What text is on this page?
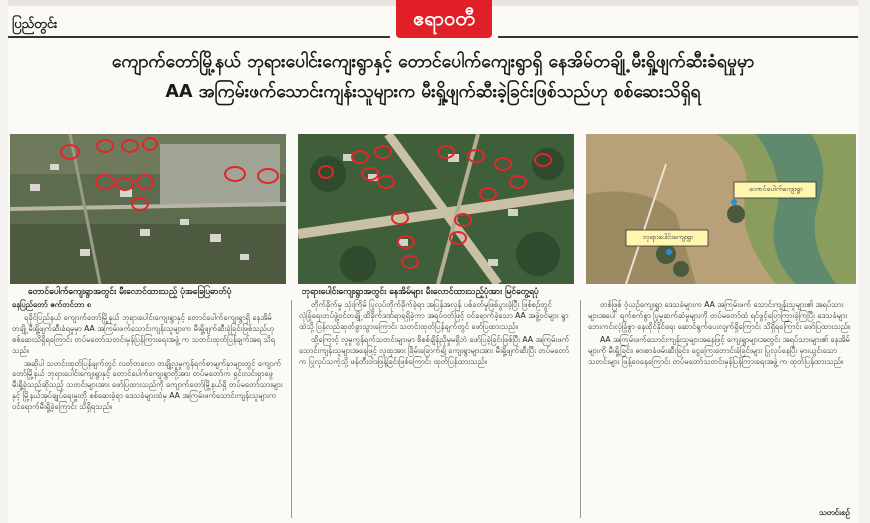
ပြည်တွင်း	ဧရာဝတီ
ကျောက်တော်မြို့နယ် ဘုရားပေါင်းကျေးရွာနှင့် တောင်ပေါက်ကျေးရွာရှိ နေအိမ်တချို့ မီးရှို့ဖျက်ဆီးခံရမှုမှာ
AA အကြမ်းဖက်သောင်းကျန်းသူများက မီးရှို့ဖျက်ဆီးခဲ့ခြင်းဖြစ်သည်ဟု စစ်ဆေးသိရှိရ
တောင်ပေါက်ကျေးရွာအတွင်း မီးလောင်ထားသည့် ပုံအခြေပြဓာတ်ပုံ	ဘုရားပေါင်းကျေးရွာအတွင်း နေအိမ်များ မီးလောင်ထားသည့်ပုံအား မြင်တွေ့ရပုံ
တောင်ပေါက်ကျေးရွာ
ဘုရားပေါင်းကျေးရွာ

နေပြည်တော် ဇက်တင်ဘာ ၈

ရခိုင်ပြည်နယ် ကျောက်တော်မြို့နယ် ဘုရားပေါင်းကျေးရွာနှင့် တောင်ပေါက်ကျေးရွာရှိ နေအိမ်တချို့ မီးရှို့ဖျက်ဆီးခံရမှုမှာ AA အကြမ်းဖက်သောင်းကျန်းသူများက မီးရှို့ဖျက်ဆီးခဲ့ခြင်းဖြစ်သည်ဟု စစ်ဆေးသိရှိရကြောင်း တပ်မတော်သတင်းမှန်ပြန်ကြားရေးအဖွဲ့ က သတင်းထုတ်ပြန်ချက်အရ သိရသည်။

အဆိုပါ သတင်းထုတ်ပြန်ချက်တွင် လတ်တလော တချို့လူမှုကွန်ရက်စာမျက်နှာများတွင် ကျောက်တော်မြို့နယ် ဘုရားပေါင်းကျေးရွာနှင့် တောင်ပေါက်ကျေးရွာတို့အား တပ်မတော်က ရှင်းလင်းရှာဖွေ မီးရှို့ခဲ့သည်ဆိုသည့် သတင်းများအား ဖော်ပြထားသည်ကို ကျောက်တော်မြို့နယ်ရှိ တပ်မတော်သားများနှင့် မြို့နယ်အုပ်ချုပ်ရေးမှူးတို့ စစ်ဆေးခဲ့ရာ ဒေသခံများထံမှ AA အကြမ်းဖက်သောင်းကျန်းသူများက ဝင်ရောက်မီးရှို့ခဲ့ကြောင်း သိရှိရသည်။

တိုက်ခိုက်မှု သုံးကြိမ် ပြုလုပ်တိုက်ခိုက်ခဲ့ရာ အပြန်အလှန် ပစ်ခတ်မှုဖြစ်ပွားခဲ့ပြီး ဖြစ်စဉ်တွင် လုံခြုံရေးတပ်ဖွဲ့ဝင်တချို့ ထိခိုက်ဒဏ်ရာရရှိခဲ့ကာ အရပ်ဝတ်ဖြင့် ဝင်ရောက်ခဲ့သော AA အဖွဲ့ဝင်များ ရွာထဲသို့ ပြန်လည်ဆုတ်ခွာသွားကြောင်း သတင်းထုတ်ပြန်ချက်တွင် ဖော်ပြထားသည်။

ထို့ကြောင့် လူမှုကွန်ရက်သတင်းများမှာ စိစစ်ချိန်ညှိမှုမရှိဘဲ ဖော်ပြခဲ့ခြင်းဖြစ်ပြီး AA အကြမ်းဖက်သောင်းကျန်းသူများအနေဖြင့် လူထုအား ခြိမ်းခြောက်၍ ကျေးရွာများအား မီးရှို့ဖျက်ဆီးပြီး တပ်မတော်က ပြုလုပ်သကဲ့သို့ ဖန်တီးဝါဒဖြန့်ခြင်းဖြစ်ကြောင်း ထုတ်ပြန်ထားသည်။

တစ်ဖြစ် ဝံ့ယဉ်ကျေးရွာ ဒေသခံများက AA အကြမ်းဖက် သောင်းကျန်းသူများ၏ အရပ်သားများအပေါ် ရက်စက်စွာ ပြုမူဆက်ဆံမှုများကို တပ်မတော်ထံ ရင်ဖွင့်ပြောကြားခဲ့ကြပြီး ဒေသခံများ ဘေးကင်းလုံခြုံစွာ နေထိုင်နိုင်ရေး ဆောင်ရွက်ပေးလျက်ရှိကြောင်း သိရှိရကြောင်း ဖော်ပြထားသည်။

AA အကြမ်းဖက်သောင်းကျန်းသူများအနေဖြင့် ကျေးရွာများအတွင်း အရပ်သားများ၏ နေအိမ်များကို မီးရှို့ခြင်း၊ ဓားစာခံဖမ်းဆီးခြင်း၊ ငွေကြေးတောင်းခံခြင်းများ ပြုလုပ်နေပြီး မှားယွင်းသောသတင်းများ ဖြန့်ဝေနေကြောင်း တပ်မတော်သတင်းမှန်ပြန်ကြားရေးအဖွဲ့ က ထုတ်ပြန်ထားသည်။

သတင်းစဉ်
